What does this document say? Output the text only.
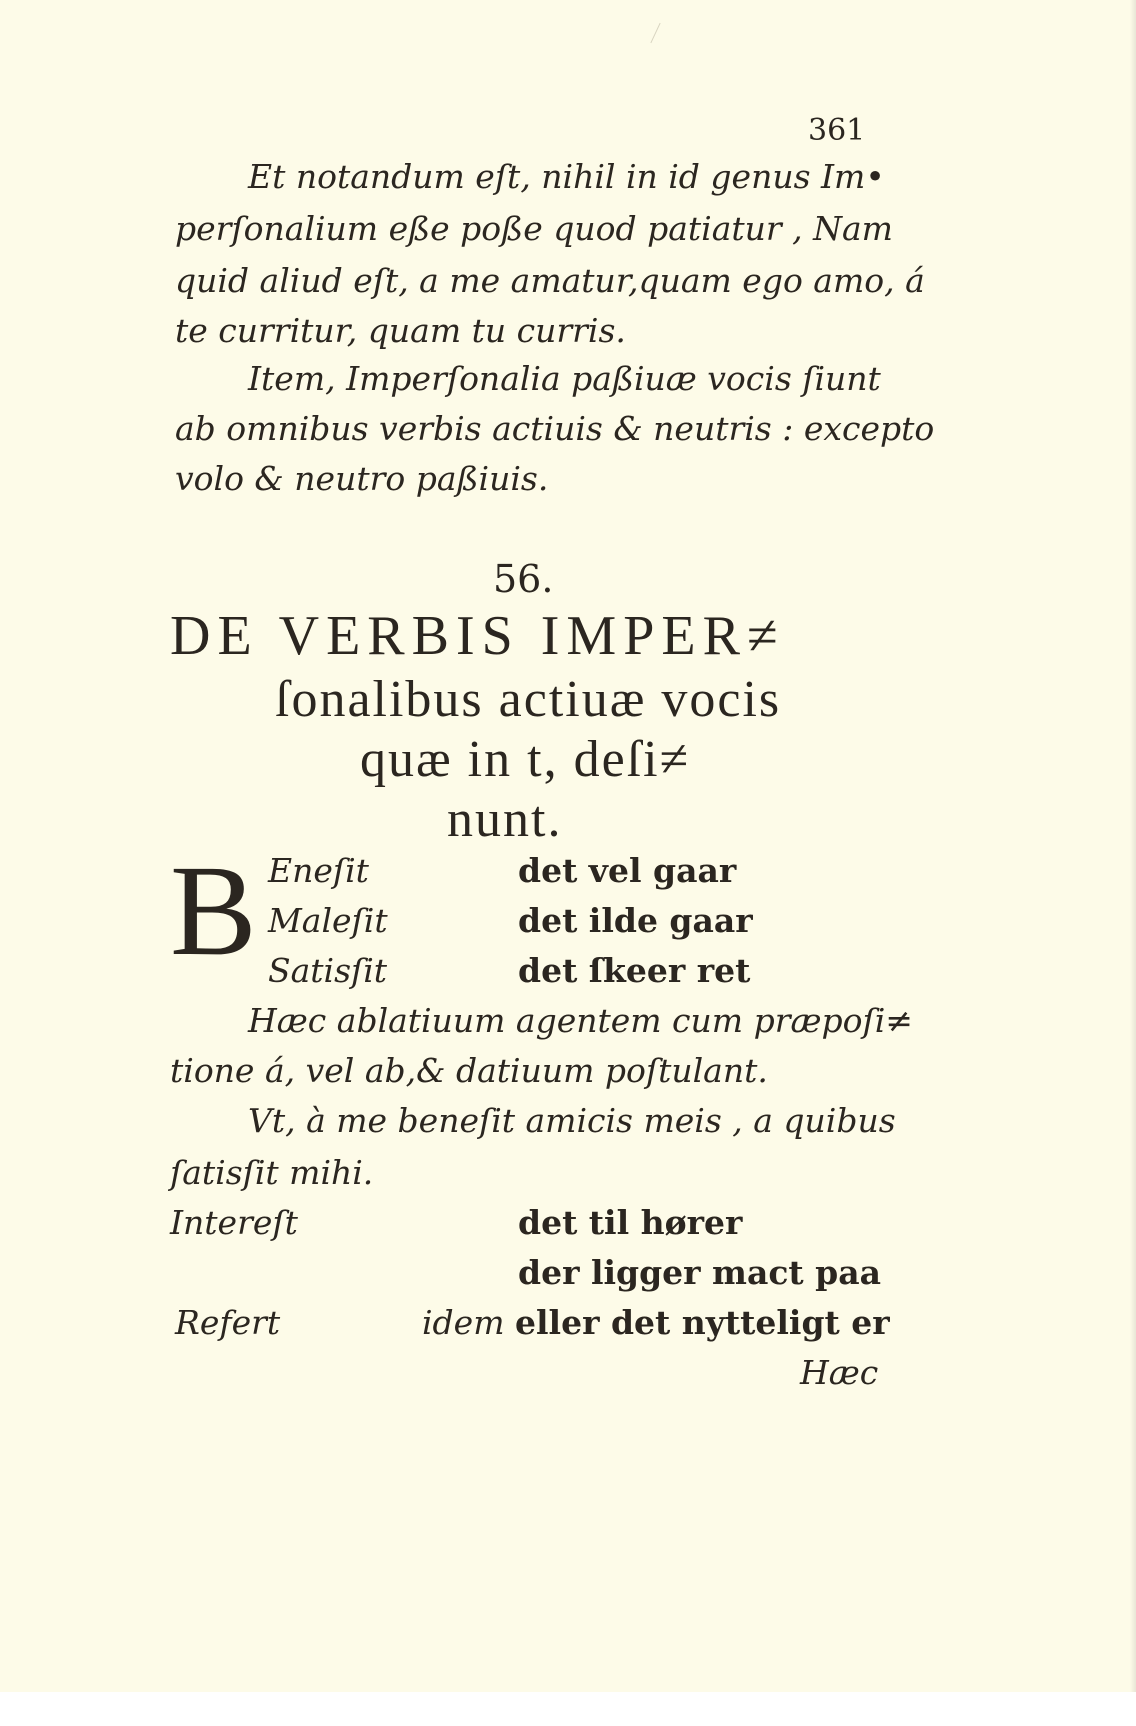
361
Et notandum eſt, nihil in id genus Im•
perſonalium eße poße quod patiatur , Nam
quid aliud eſt, a me amatur,quam ego amo, á
te curritur, quam tu curris.
Item, Imperſonalia paßiuæ vocis ſiunt
ab omnibus verbis actiuis & neutris : excepto
volo & neutro paßiuis.
56.
DE VERBIS IMPER≠
ſonalibus actiuæ vocis
quæ in t, deſi≠
nunt.
B Eneſit	det vel gaar
Maleſit	det ilde gaar
Satisſit	det ſkeer ret
Hæc ablatiuum agentem cum præpoſi≠
tione á, vel ab,& datiuum poſtulant.
Vt, à me beneſit amicis meis , a quibus
ſatisſit mihi.
Intereſt	det til hører
der ligger mact paa
Refert	idem eller det nyttеligt er
Hæc
